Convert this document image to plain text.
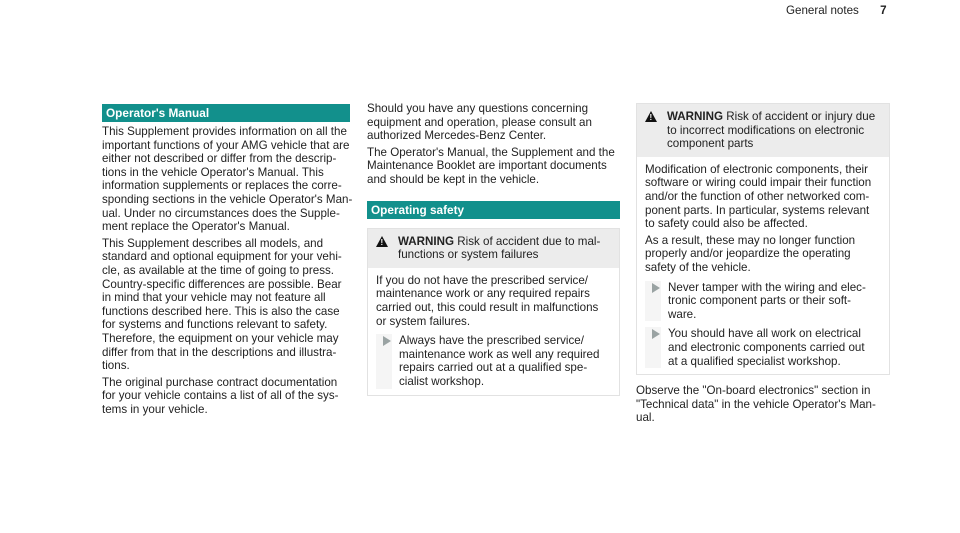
General notes 7
Operator's Manual
This Supplement provides information on all the
important functions of your AMG vehicle that are
either not described or differ from the descrip-
tions in the vehicle Operator's Manual. This
information supplements or replaces the corre-
sponding sections in the vehicle Operator's Man-
ual. Under no circumstances does the Supple-
ment replace the Operator's Manual.
This Supplement describes all models, and
standard and optional equipment for your vehi-
cle, as available at the time of going to press.
Country-specific differences are possible. Bear
in mind that your vehicle may not feature all
functions described here. This is also the case
for systems and functions relevant to safety.
Therefore, the equipment on your vehicle may
differ from that in the descriptions and illustra-
tions.
The original purchase contract documentation
for your vehicle contains a list of all of the sys-
tems in your vehicle.
Should you have any questions concerning
equipment and operation, please consult an
authorized Mercedes-Benz Center.
The Operator's Manual, the Supplement and the
Maintenance Booklet are important documents
and should be kept in the vehicle.
Operating safety
!
WARNING Risk of accident due to mal-
functions or system failures
If you do not have the prescribed service/
maintenance work or any required repairs
carried out, this could result in malfunctions
or system failures.
Always have the prescribed service/
maintenance work as well any required
repairs carried out at a qualified spe-
cialist workshop.
!
WARNING Risk of accident or injury due
to incorrect modifications on electronic
component parts
Modification of electronic components, their
software or wiring could impair their function
and/or the function of other networked com-
ponent parts. In particular, systems relevant
to safety could also be affected.
As a result, these may no longer function
properly and/or jeopardize the operating
safety of the vehicle.
Never tamper with the wiring and elec-
tronic component parts or their soft-
ware.
You should have all work on electrical
and electronic components carried out
at a qualified specialist workshop.
Observe the "On-board electronics" section in
"Technical data" in the vehicle Operator's Man-
ual.
